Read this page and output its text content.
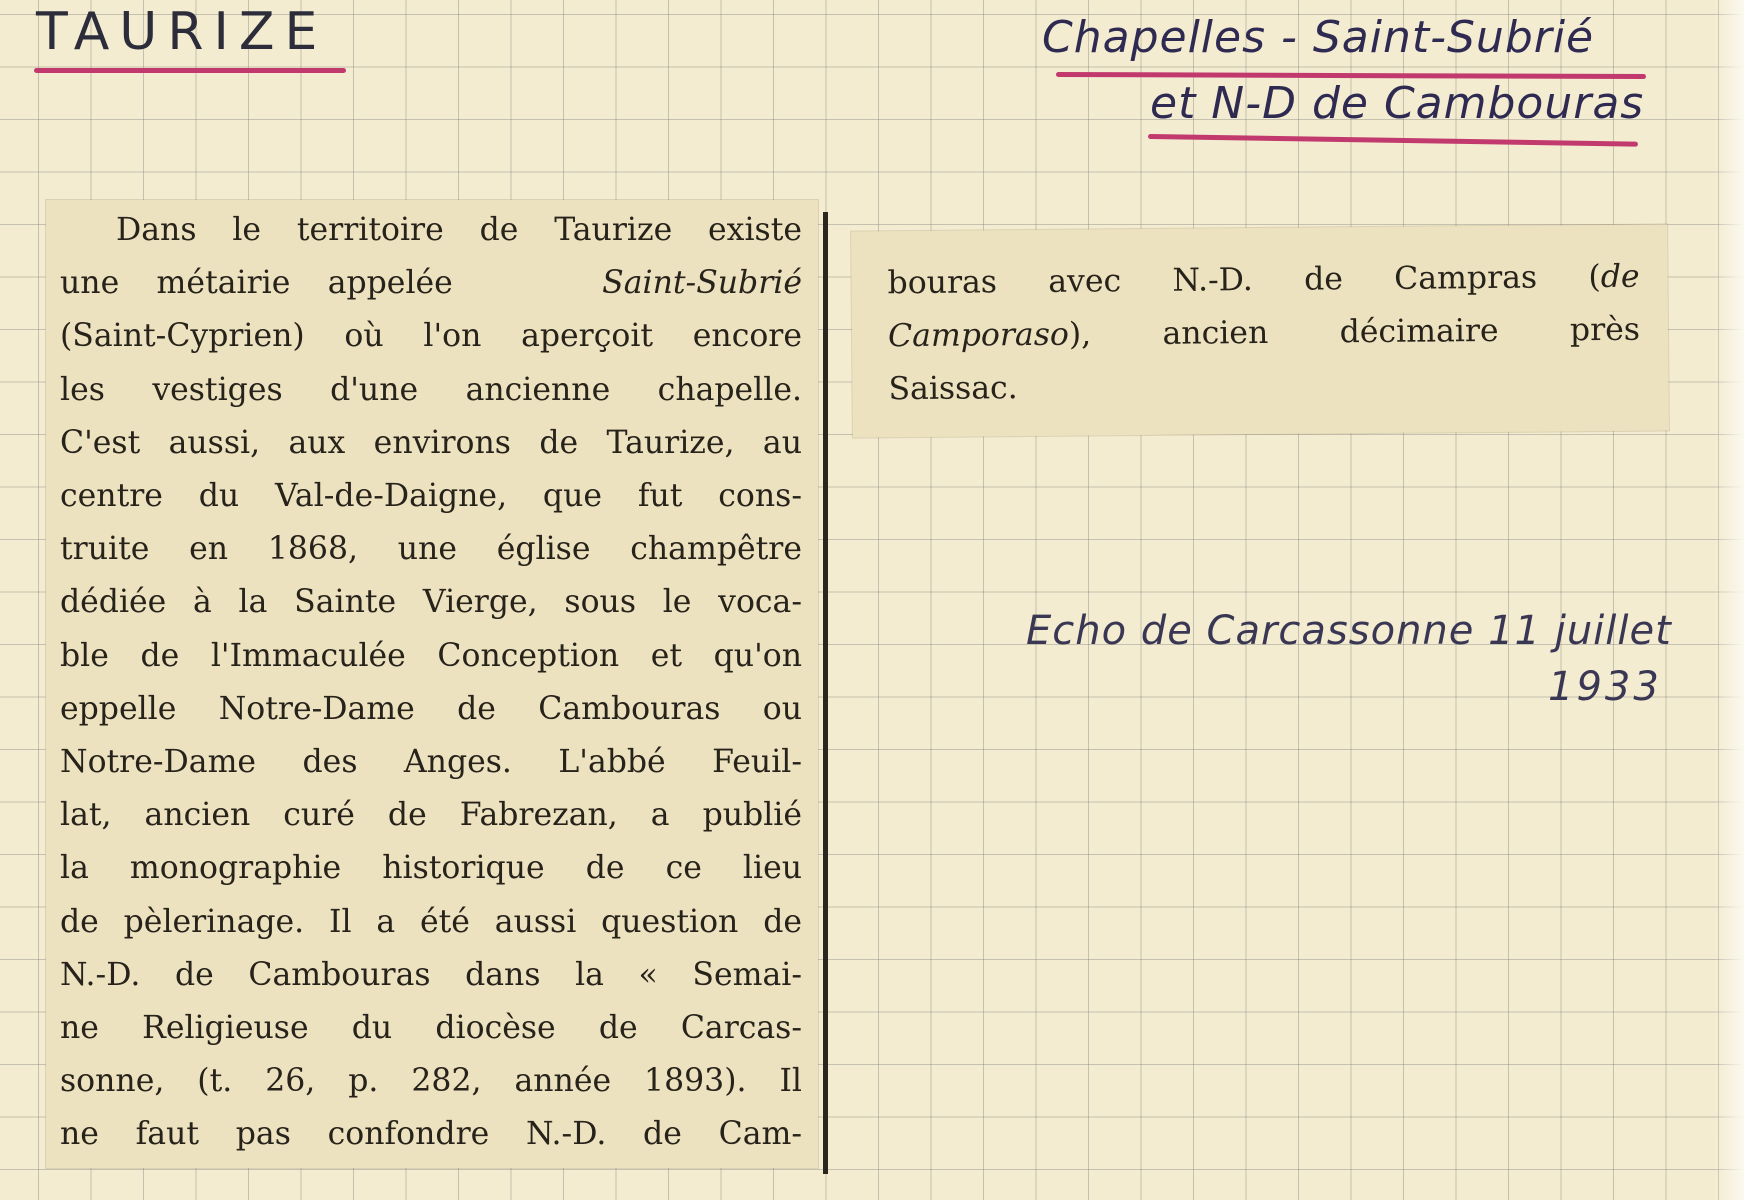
TAURIZE	Chapelles - Saint-Subrié
et N-D de Cambouras
Dans le territoire de Taurize existe
une métairie appelée	Saint-Subrié
(Saint-Cyprien) où l'on aperçoit encore
les vestiges d'une ancienne chapelle.
C'est aussi, aux environs de Taurize, au
centre du Val-de-Daigne, que fut cons-
truite en 1868, une église champêtre
dédiée à la Sainte Vierge, sous le voca-
ble de l'Immaculée Conception et qu'on
eppelle Notre-Dame de Cambouras ou
Notre-Dame des Anges. L'abbé Feuil-
lat, ancien curé de Fabrezan, a publié
la monographie historique de ce lieu
de pèlerinage. Il a été aussi question de
N.-D. de Cambouras dans la « Semai-
ne Religieuse du diocèse de Carcas-
sonne, (t. 26, p. 282, année 1893). Il
ne faut pas confondre N.-D. de Cam-
bouras avec N.-D. de Campras (de
Camporaso), ancien décimaire près
Saissac.
Echo de Carcassonne 11 juillet
1933
